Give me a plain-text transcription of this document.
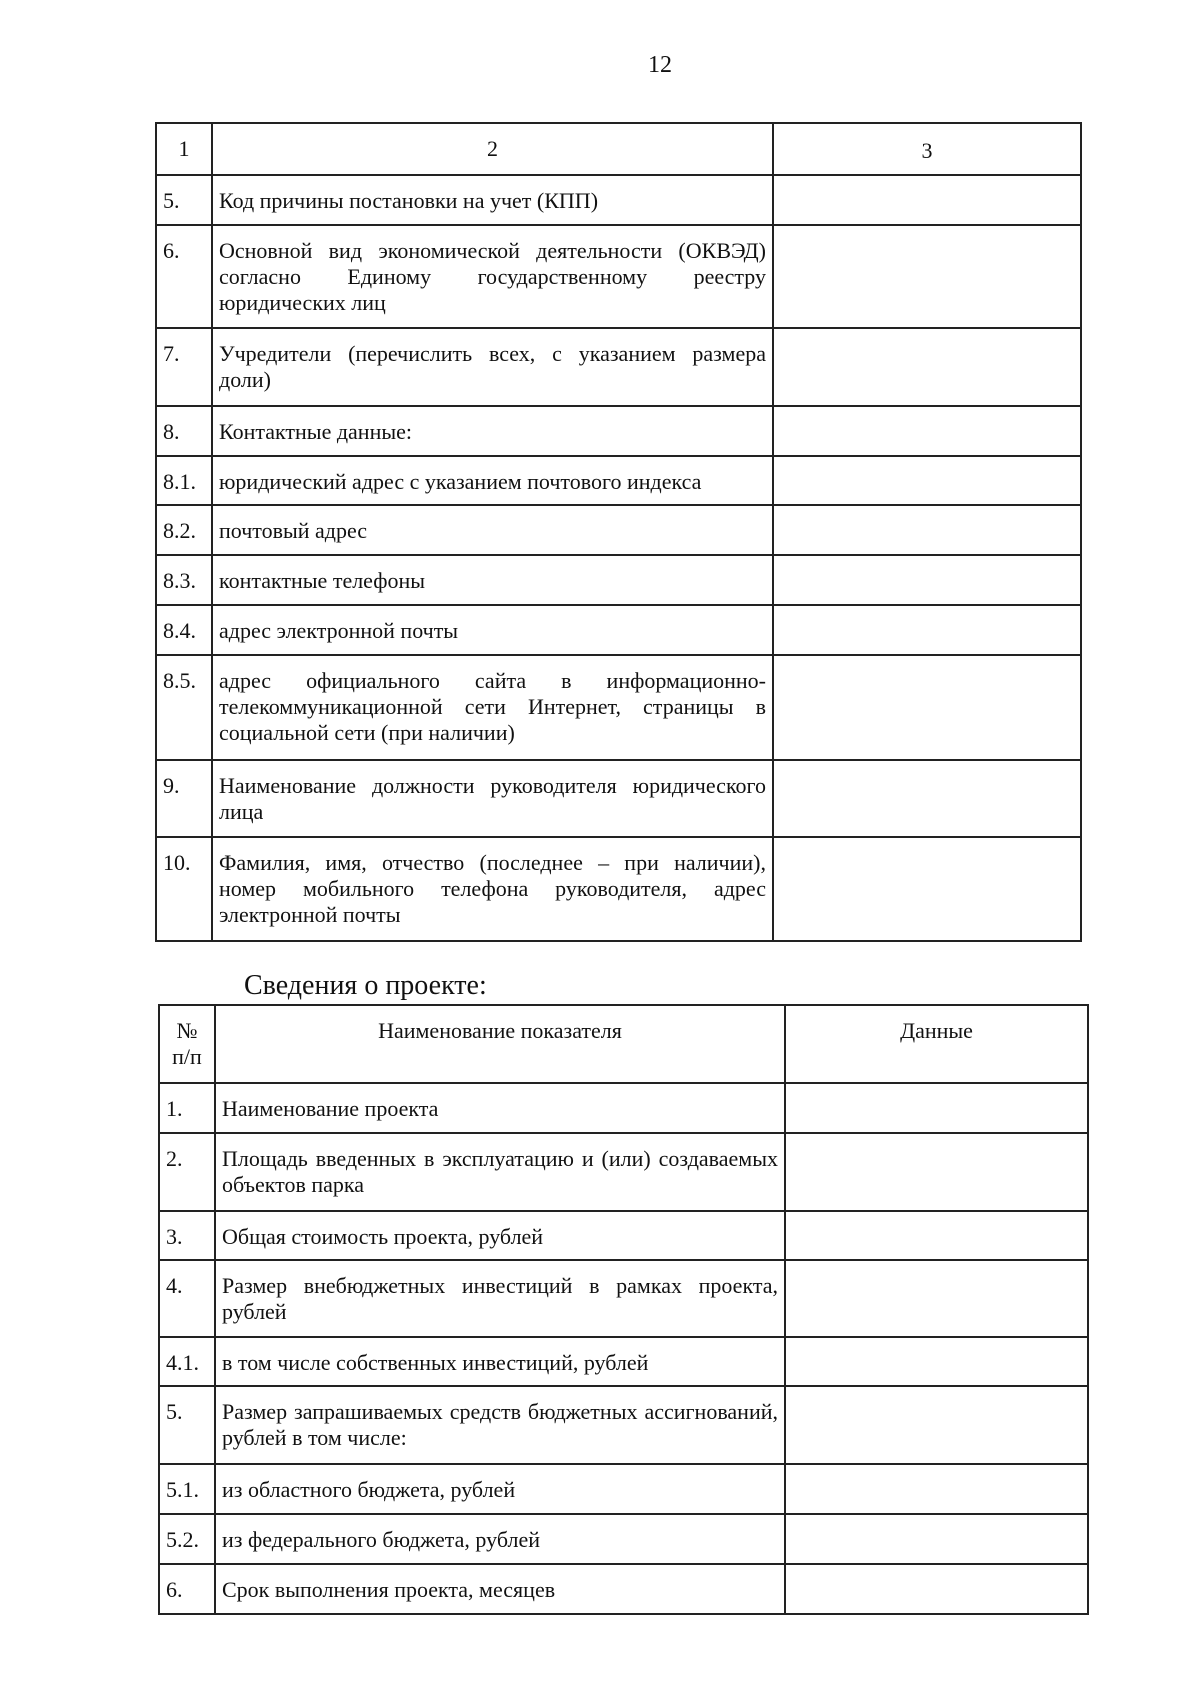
12
1	2	3
5.	Код причины постановки на учет (КПП)	
6.	Основной вид экономической деятельности (ОКВЭД) согласно Единому государственному реестру юридических лиц	
7.	Учредители (перечислить всех, с указанием размера доли)	
8.	Контактные данные:	
8.1.	юридический адрес с указанием почтового индекса	
8.2.	почтовый адрес	
8.3.	контактные телефоны	
8.4.	адрес электронной почты	
8.5.	адрес официального сайта в информационно-телекоммуникационной сети Интернет, страницы в социальной сети (при наличии)	
9.	Наименование должности руководителя юридического лица	
10.	Фамилия, имя, отчество (последнее – при наличии), номер мобильного телефона руководителя, адрес электронной почты	
Сведения о проекте:
№
п/п	Наименование показателя	Данные
1.	Наименование проекта	
2.	Площадь введенных в эксплуатацию и (или) создаваемых объектов парка	
3.	Общая стоимость проекта, рублей	
4.	Размер внебюджетных инвестиций в рамках проекта, рублей	
4.1.	в том числе собственных инвестиций, рублей	
5.	Размер запрашиваемых средств бюджетных ассигнований, рублей в том числе:	
5.1.	из областного бюджета, рублей	
5.2.	из федерального бюджета, рублей	
6.	Срок выполнения проекта, месяцев	
